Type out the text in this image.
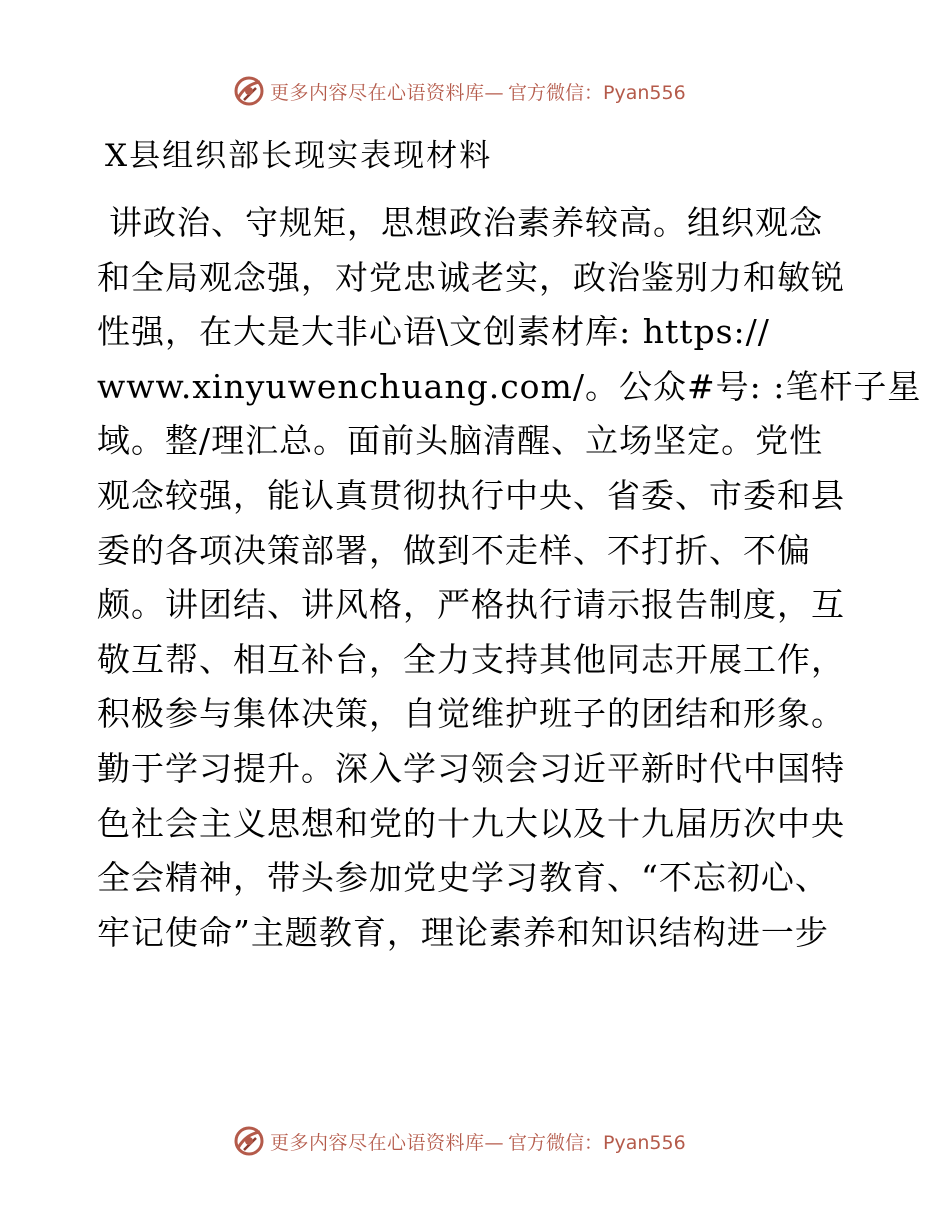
更多内容尽在心语资料库— 官方微信：Pyan556
X县组织部长现实表现材料
讲政治、守规矩，思想政治素养较高。组织观念
和全局观念强，对党忠诚老实，政治鉴别力和敏锐
性强，在大是大非心语\文创素材库: https://
www.xinyuwenchuang.com/。公众#号: :笔杆子星
域。整/理汇总。面前头脑清醒、立场坚定。党性
观念较强，能认真贯彻执行中央、省委、市委和县
委的各项决策部署，做到不走样、不打折、不偏
颇。讲团结、讲风格，严格执行请示报告制度，互
敬互帮、相互补台，全力支持其他同志开展工作，
积极参与集体决策，自觉维护班子的团结和形象。
勤于学习提升。深入学习领会习近平新时代中国特
色社会主义思想和党的十九大以及十九届历次中央
全会精神，带头参加党史学习教育、“不忘初心、
牢记使命”主题教育，理论素养和知识结构进一步
更多内容尽在心语资料库— 官方微信：Pyan556
